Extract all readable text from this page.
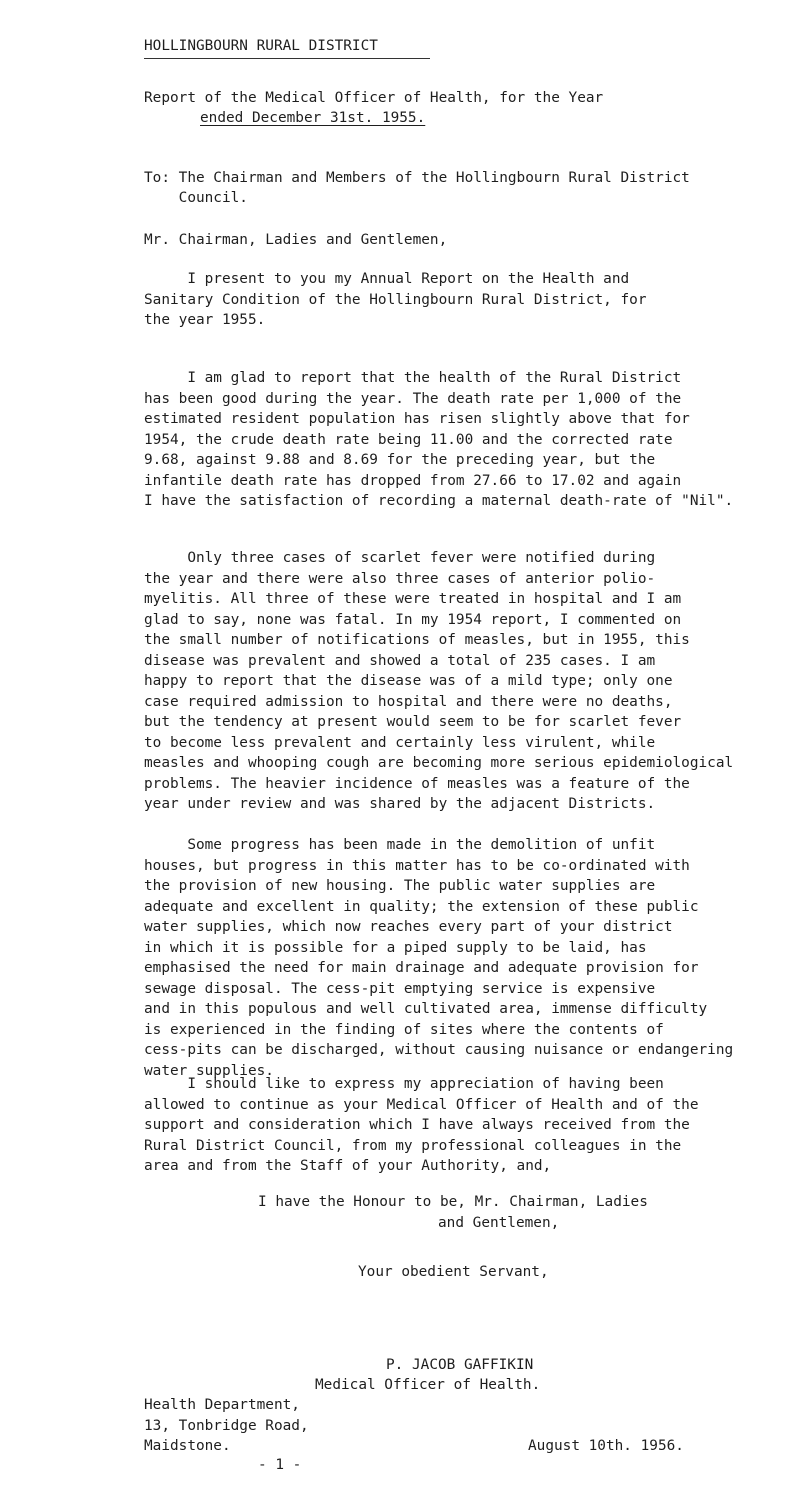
HOLLINGBOURN RURAL DISTRICT
Report of the Medical Officer of Health, for the Year
ended December 31st. 1955.
To: The Chairman and Members of the Hollingbourn Rural District
Council.
Mr. Chairman, Ladies and Gentlemen,

I present to you my Annual Report on the Health and
Sanitary Condition of the Hollingbourn Rural District, for
the year 1955.

I am glad to report that the health of the Rural District
has been good during the year. The death rate per 1,000 of the
estimated resident population has risen slightly above that for
1954, the crude death rate being 11.00 and the corrected rate
9.68, against 9.88 and 8.69 for the preceding year, but the
infantile death rate has dropped from 27.66 to 17.02 and again
I have the satisfaction of recording a maternal death-rate of "Nil".

Only three cases of scarlet fever were notified during
the year and there were also three cases of anterior polio-
myelitis. All three of these were treated in hospital and I am
glad to say, none was fatal. In my 1954 report, I commented on
the small number of notifications of measles, but in 1955, this
disease was prevalent and showed a total of 235 cases. I am
happy to report that the disease was of a mild type; only one
case required admission to hospital and there were no deaths,
but the tendency at present would seem to be for scarlet fever
to become less prevalent and certainly less virulent, while
measles and whooping cough are becoming more serious epidemiological
problems. The heavier incidence of measles was a feature of the
year under review and was shared by the adjacent Districts.

Some progress has been made in the demolition of unfit
houses, but progress in this matter has to be co-ordinated with
the provision of new housing. The public water supplies are
adequate and excellent in quality; the extension of these public
water supplies, which now reaches every part of your district
in which it is possible for a piped supply to be laid, has
emphasised the need for main drainage and adequate provision for
sewage disposal. The cess-pit emptying service is expensive
and in this populous and well cultivated area, immense difficulty
is experienced in the finding of sites where the contents of
cess-pits can be discharged, without causing nuisance or endangering
water supplies.

I should like to express my appreciation of having been
allowed to continue as your Medical Officer of Health and of the
support and consideration which I have always received from the
Rural District Council, from my professional colleagues in the
area and from the Staff of your Authority, and,

I have the Honour to be, Mr. Chairman, Ladies
and Gentlemen,
Your obedient Servant,
P. JACOB GAFFIKIN
Medical Officer of Health.
Health Department,
13, Tonbridge Road,
Maidstone.	August 10th. 1956.
- 1 -
